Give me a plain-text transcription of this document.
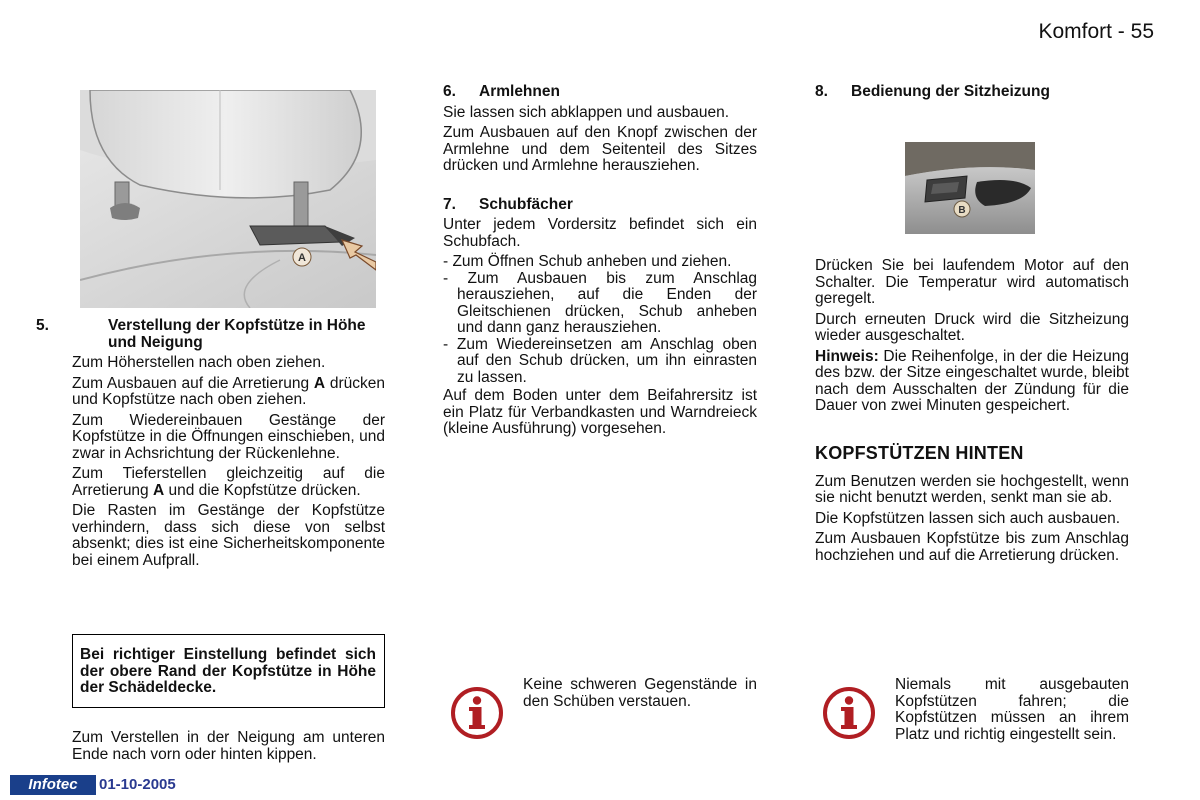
Komfort - 55
A
5.	Verstellung der Kopfstütze in Höhe und Neigung

Zum Höherstellen nach oben ziehen.

Zum Ausbauen auf die Arretierung A drücken und Kopfstütze nach oben ziehen.

Zum Wiedereinbauen Gestänge der Kopfstütze in die Öffnungen einschieben, und zwar in Achsrichtung der Rückenlehne.

Zum Tieferstellen gleichzeitig auf die Arretierung A und die Kopfstütze drücken.

Die Rasten im Gestänge der Kopfstütze verhindern, dass sich diese von selbst absenkt; dies ist eine Sicherheitskomponente bei einem Aufprall.

Bei richtiger Einstellung befindet sich der obere Rand der Kopfstütze in Höhe der Schädeldecke.

Zum Verstellen in der Neigung am unteren Ende nach vorn oder hinten kippen.

6. Armlehnen

Sie lassen sich abklappen und ausbauen.

Zum Ausbauen auf den Knopf zwischen der Armlehne und dem Seitenteil des Sitzes drücken und Armlehne herausziehen.

7. Schubfächer

Unter jedem Vordersitz befindet sich ein Schubfach.

- Zum Öffnen Schub anheben und ziehen.
- Zum Ausbauen bis zum Anschlag herausziehen, auf die Enden der Gleitschienen drücken, Schub anheben und dann ganz herausziehen.
- Zum Wiedereinsetzen am Anschlag oben auf den Schub drücken, um ihn einrasten zu lassen.

Auf dem Boden unter dem Beifahrersitz ist ein Platz für Verbandkasten und Warndreieck (kleine Ausführung) vorgesehen.

Keine schweren Gegenstände in den Schüben verstauen.
8. Bedienung der Sitzheizung
B

Drücken Sie bei laufendem Motor auf den Schalter. Die Temperatur wird automatisch geregelt.

Durch erneuten Druck wird die Sitzheizung wieder ausgeschaltet.

Hinweis: Die Reihenfolge, in der die Heizung des bzw. der Sitze eingeschaltet wurde, bleibt nach dem Ausschalten der Zündung für die Dauer von zwei Minuten gespeichert.

KOPFSTÜTZEN HINTEN

Zum Benutzen werden sie hochgestellt, wenn sie nicht benutzt werden, senkt man sie ab.

Die Kopfstützen lassen sich auch ausbauen.

Zum Ausbauen Kopfstütze bis zum Anschlag hochziehen und auf die Arretierung drücken.

Niemals mit ausgebauten Kopfstützen fahren; die Kopfstützen müssen an ihrem Platz und richtig eingestellt sein.
Infotec	01-10-2005
